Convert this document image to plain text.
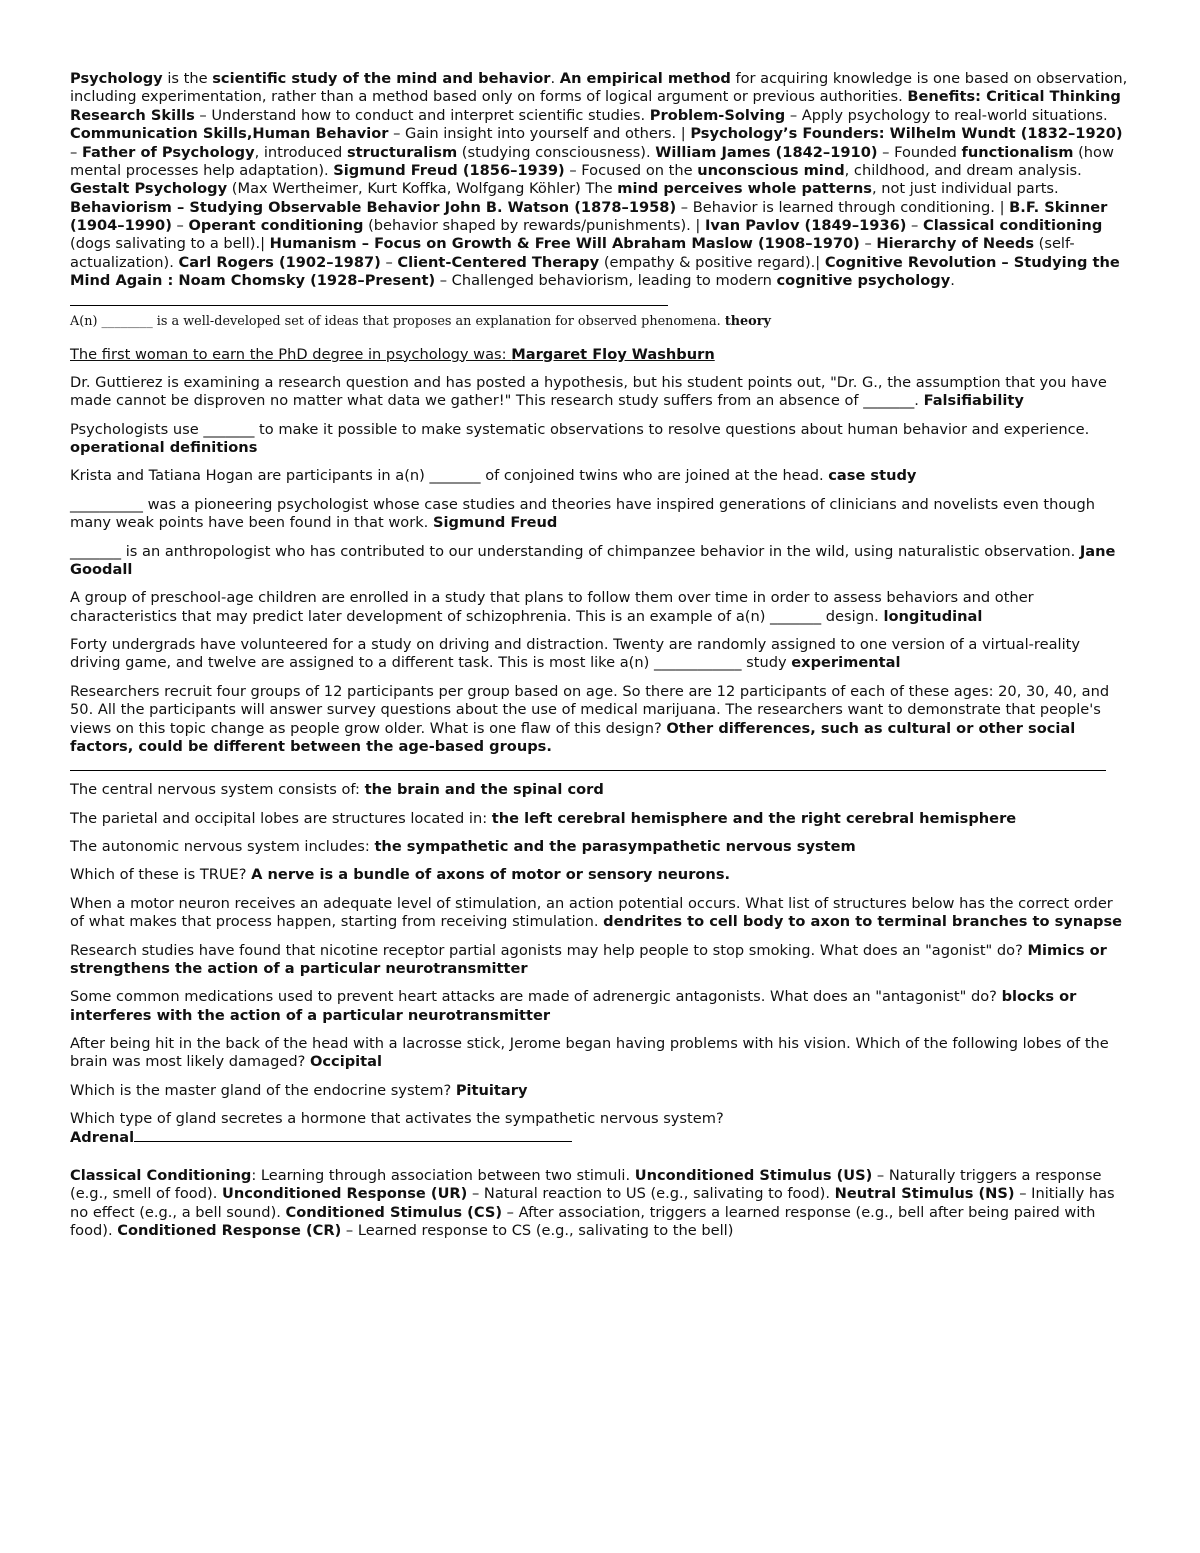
Psychology is the scientific study of the mind and behavior. An empirical method for acquiring knowledge is one based on observation, including experimentation, rather than a method based only on forms of logical argument or previous authorities. Benefits: Critical Thinking Research Skills – Understand how to conduct and interpret scientific studies. Problem-Solving – Apply psychology to real-world situations. Communication Skills,Human Behavior – Gain insight into yourself and others. | Psychology’s Founders: Wilhelm Wundt (1832–1920) – Father of Psychology, introduced structuralism (studying consciousness). William James (1842–1910) – Founded functionalism (how mental processes help adaptation). Sigmund Freud (1856–1939) – Focused on the unconscious mind, childhood, and dream analysis. Gestalt Psychology (Max Wertheimer, Kurt Koffka, Wolfgang Köhler) The mind perceives whole patterns, not just individual parts. Behaviorism – Studying Observable Behavior John B. Watson (1878–1958) – Behavior is learned through conditioning. | B.F. Skinner (1904–1990) – Operant conditioning (behavior shaped by rewards/punishments). | Ivan Pavlov (1849–1936) – Classical conditioning (dogs salivating to a bell).| Humanism – Focus on Growth & Free Will Abraham Maslow (1908–1970) – Hierarchy of Needs (self-actualization). Carl Rogers (1902–1987) – Client-Centered Therapy (empathy & positive regard).| Cognitive Revolution – Studying the Mind Again : Noam Chomsky (1928–Present) – Challenged behaviorism, leading to modern cognitive psychology.

A(n) ________ is a well-developed set of ideas that proposes an explanation for observed phenomena. theory

The first woman to earn the PhD degree in psychology was: Margaret Floy Washburn

Dr. Guttierez is examining a research question and has posted a hypothesis, but his student points out, "Dr. G., the assumption that you have made cannot be disproven no matter what data we gather!" This research study suffers from an absence of _______. Falsifiability

Psychologists use _______ to make it possible to make systematic observations to resolve questions about human behavior and experience. operational definitions

Krista and Tatiana Hogan are participants in a(n) _______ of conjoined twins who are joined at the head. case study

__________ was a pioneering psychologist whose case studies and theories have inspired generations of clinicians and novelists even though many weak points have been found in that work. Sigmund Freud

_______ is an anthropologist who has contributed to our understanding of chimpanzee behavior in the wild, using naturalistic observation. Jane Goodall

A group of preschool-age children are enrolled in a study that plans to follow them over time in order to assess behaviors and other characteristics that may predict later development of schizophrenia. This is an example of a(n) _______ design. longitudinal

Forty undergrads have volunteered for a study on driving and distraction. Twenty are randomly assigned to one version of a virtual-reality driving game, and twelve are assigned to a different task. This is most like a(n) ____________ study experimental

Researchers recruit four groups of 12 participants per group based on age. So there are 12 participants of each of these ages: 20, 30, 40, and 50. All the participants will answer survey questions about the use of medical marijuana. The researchers want to demonstrate that people's views on this topic change as people grow older. What is one flaw of this design? Other differences, such as cultural or other social factors, could be different between the age-based groups.

The central nervous system consists of: the brain and the spinal cord

The parietal and occipital lobes are structures located in: the left cerebral hemisphere and the right cerebral hemisphere

The autonomic nervous system includes: the sympathetic and the parasympathetic nervous system

Which of these is TRUE? A nerve is a bundle of axons of motor or sensory neurons.

When a motor neuron receives an adequate level of stimulation, an action potential occurs. What list of structures below has the correct order of what makes that process happen, starting from receiving stimulation. dendrites to cell body to axon to terminal branches to synapse

Research studies have found that nicotine receptor partial agonists may help people to stop smoking. What does an "agonist" do? Mimics or strengthens the action of a particular neurotransmitter

Some common medications used to prevent heart attacks are made of adrenergic antagonists. What does an "antagonist" do? blocks or interferes with the action of a particular neurotransmitter

After being hit in the back of the head with a lacrosse stick, Jerome began having problems with his vision. Which of the following lobes of the brain was most likely damaged? Occipital

Which is the master gland of the endocrine system? Pituitary

Which type of gland secretes a hormone that activates the sympathetic nervous system?
Adrenal

Classical Conditioning: Learning through association between two stimuli. Unconditioned Stimulus (US) – Naturally triggers a response (e.g., smell of food). Unconditioned Response (UR) – Natural reaction to US (e.g., salivating to food). Neutral Stimulus (NS) – Initially has no effect (e.g., a bell sound). Conditioned Stimulus (CS) – After association, triggers a learned response (e.g., bell after being paired with food). Conditioned Response (CR) – Learned response to CS (e.g., salivating to the bell)
